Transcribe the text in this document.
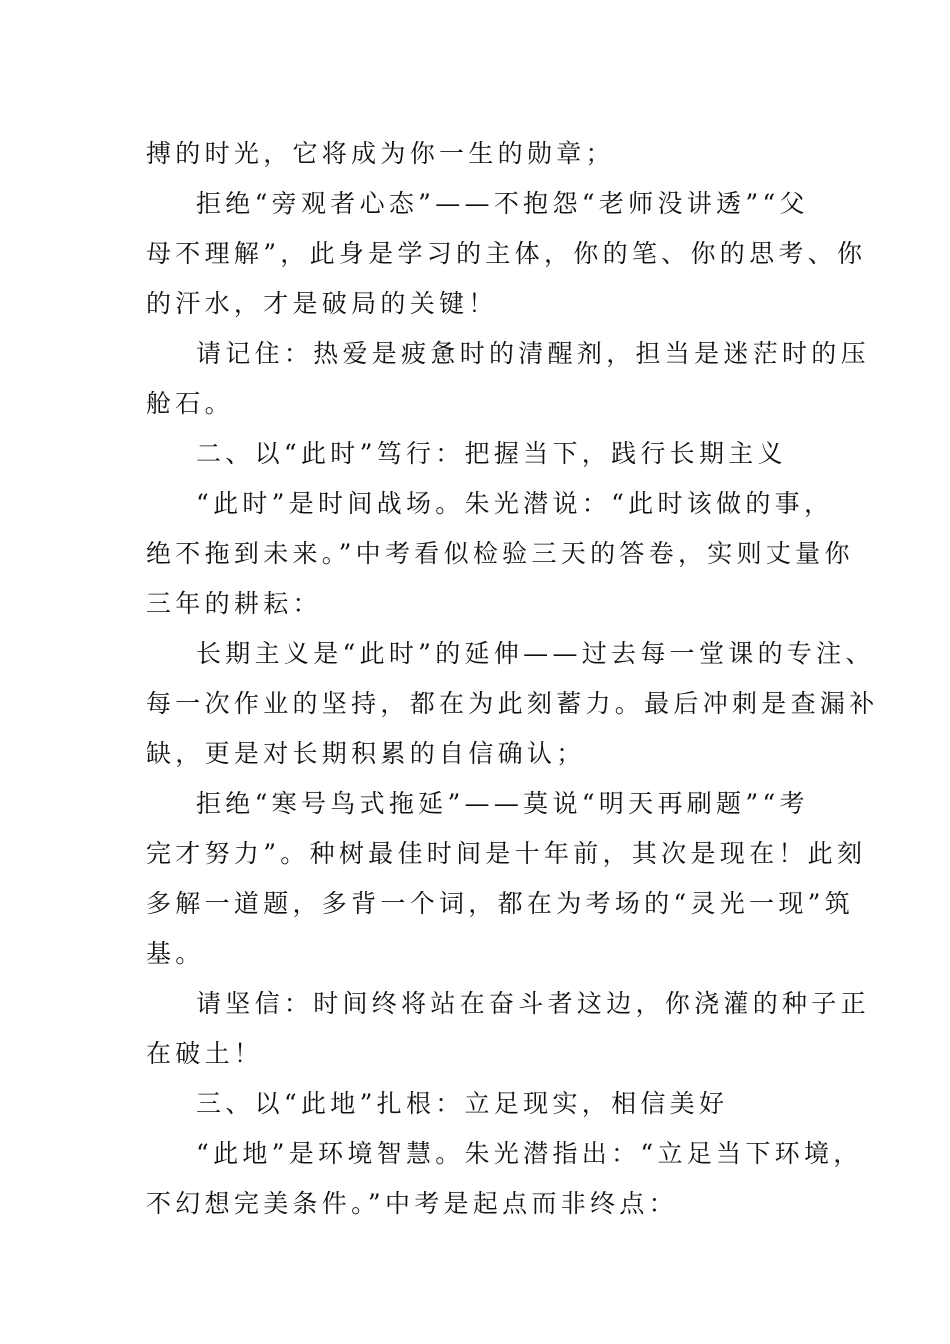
搏的时光，它将成为你一生的勋章；

拒绝“旁观者心态”——不抱怨“老师没讲透”“父

母不理解”，此身是学习的主体，你的笔、你的思考、你

的汗水，才是破局的关键！

请记住：热爱是疲惫时的清醒剂，担当是迷茫时的压

舱石。

二、以“此时”笃行：把握当下，践行长期主义

“此时”是时间战场。朱光潜说：“此时该做的事，

绝不拖到未来。”中考看似检验三天的答卷，实则丈量你

三年的耕耘：

长期主义是“此时”的延伸——过去每一堂课的专注、

每一次作业的坚持，都在为此刻蓄力。最后冲刺是查漏补

缺，更是对长期积累的自信确认；

拒绝“寒号鸟式拖延”——莫说“明天再刷题”“考

完才努力”。种树最佳时间是十年前，其次是现在！此刻

多解一道题，多背一个词，都在为考场的“灵光一现”筑

基。

请坚信：时间终将站在奋斗者这边，你浇灌的种子正

在破土！

三、以“此地”扎根：立足现实，相信美好

“此地”是环境智慧。朱光潜指出：“立足当下环境，

不幻想完美条件。”中考是起点而非终点：
